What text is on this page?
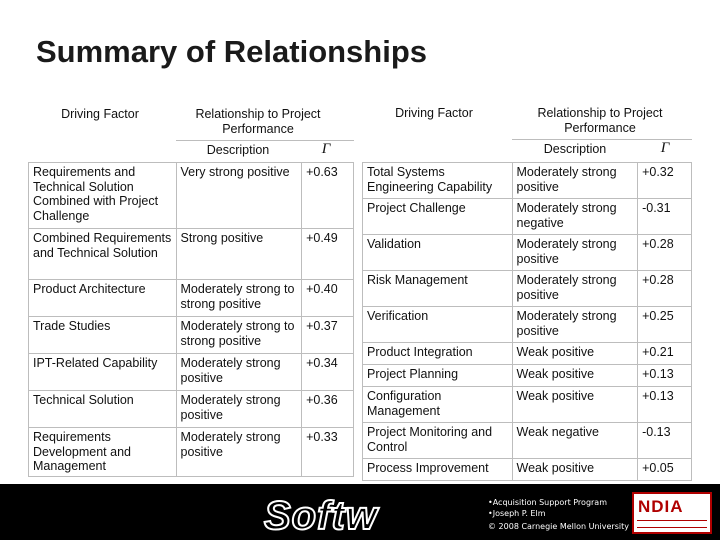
Summary of Relationships
Driving Factor	Relationship to Project Performance
Description	Γ
Driving Factor	Relationship to Project Performance
Description	Γ
Requirements and Technical Solution Combined with Project Challenge	Very strong positive	+0.63
Combined Requirements and Technical Solution	Strong positive	+0.49
Product Architecture	Moderately strong to strong positive	+0.40
Trade Studies	Moderately strong to strong positive	+0.37
IPT-Related Capability	Moderately strong positive	+0.34
Technical Solution	Moderately strong positive	+0.36
Requirements Development and Management	Moderately strong positive	+0.33
Total Systems Engineering Capability	Moderately strong positive	+0.32
Project Challenge	Moderately strong negative	-0.31
Validation	Moderately strong positive	+0.28
Risk Management	Moderately strong positive	+0.28
Verification	Moderately strong positive	+0.25
Product Integration	Weak positive	+0.21
Project Planning	Weak positive	+0.13
Configuration Management	Weak positive	+0.13
Project Monitoring and Control	Weak negative	-0.13
Process Improvement	Weak positive	+0.05
Softw	•Acquisition Support Program
•Joseph P. Elm
© 2008 Carnegie Mellon University
NDIA
